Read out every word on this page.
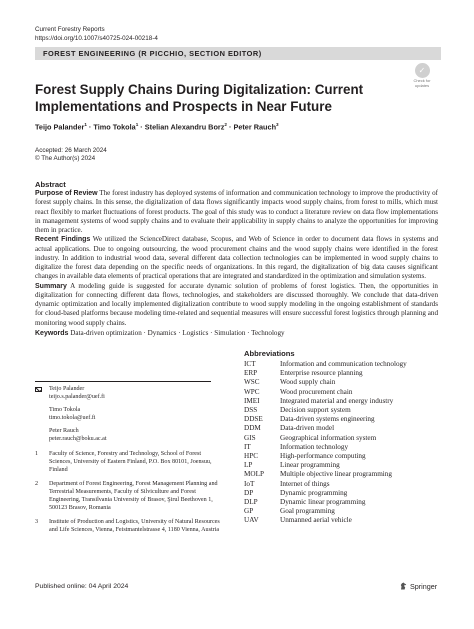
Current Forestry Reports
https://doi.org/10.1007/s40725-024-00218-4
FOREST ENGINEERING (R PICCHIO, SECTION EDITOR)
✓
Check for
updates
Forest Supply Chains During Digitalization: Current Implementations and Prospects in Near Future
Teijo Palander$^1$ · Timo Tokola$^1$ · Stelian Alexandru Borz$^2$ · Peter Rauch$^3$
Accepted: 26 March 2024
© The Author(s) 2024
Abstract

Purpose of Review The forest industry has deployed systems of information and communication technology to improve the productivity of forest supply chains. In this sense, the digitalization of data flows significantly impacts wood supply chains, from forest to mills, which must react flexibly to market fluctuations of forest products. The goal of this study was to conduct a literature review on data flow implementations in management systems of wood supply chains and to evaluate their applicability in supply chains to analyze the opportunities for improving them in practice.

Recent Findings We utilized the ScienceDirect database, Scopus, and Web of Science in order to document data flows in systems and actual applications. Due to ongoing outsourcing, the wood procurement chains and the wood supply chains were identified in the forest industry. In addition to industrial wood data, several different data collection technologies can be implemented in wood supply chains to digitalize the forest data depending on the specific needs of organizations. In this regard, the digitalization of big data causes significant changes in available data elements of practical operations that are integrated and standardized in the optimization and simulation systems.

Summary A modeling guide is suggested for accurate dynamic solution of problems of forest logistics. Then, the opportunities in digitalization for connecting different data flows, technologies, and stakeholders are discussed thoroughly. We conclude that data-driven dynamic optimization and locally implemented digitalization contribute to wood supply modeling in the ongoing establishment of standards for cloud-based platforms because modeling time-related and sequential measures will ensure successful forest logistics through planning and monitoring wood supply chains.

Keywords Data-driven optimization · Dynamics · Logistics · Simulation · Technology
Teijo Palander
teijo.s.palander@uef.fi
Timo Tokola
timo.tokola@uef.fi
Peter Rauch
peter.rauch@boku.ac.at
1	Faculty of Science, Forestry and Technology, School of Forest Sciences, University of Eastern Finland, P.O. Box 80101, Joensuu, Finland
2	Department of Forest Engineering, Forest Management Planning and Terrestrial Measurements, Faculty of Silviculture and Forest Engineering, Transilvania University of Brasov, Şirul Beethoven 1, 500123 Brasov, Romania
3	Institute of Production and Logistics, University of Natural Resources and Life Sciences, Vienna, Feistmantelstrasse 4, 1180 Vienna, Austria
Abbreviations
ICT	Information and communication technology
ERP	Enterprise resource planning
WSC	Wood supply chain
WPC	Wood procurement chain
IMEI	Integrated material and energy industry
DSS	Decision support system
DDSE	Data-driven systems engineering
DDM	Data-driven model
GIS	Geographical information system
IT	Information technology
HPC	High-performance computing
LP	Linear programming
MOLP	Multiple objective linear programming
IoT	Internet of things
DP	Dynamic programming
DLP	Dynamic linear programming
GP	Goal programming
UAV	Unmanned aerial vehicle
Published online: 04 April 2024	Springer
